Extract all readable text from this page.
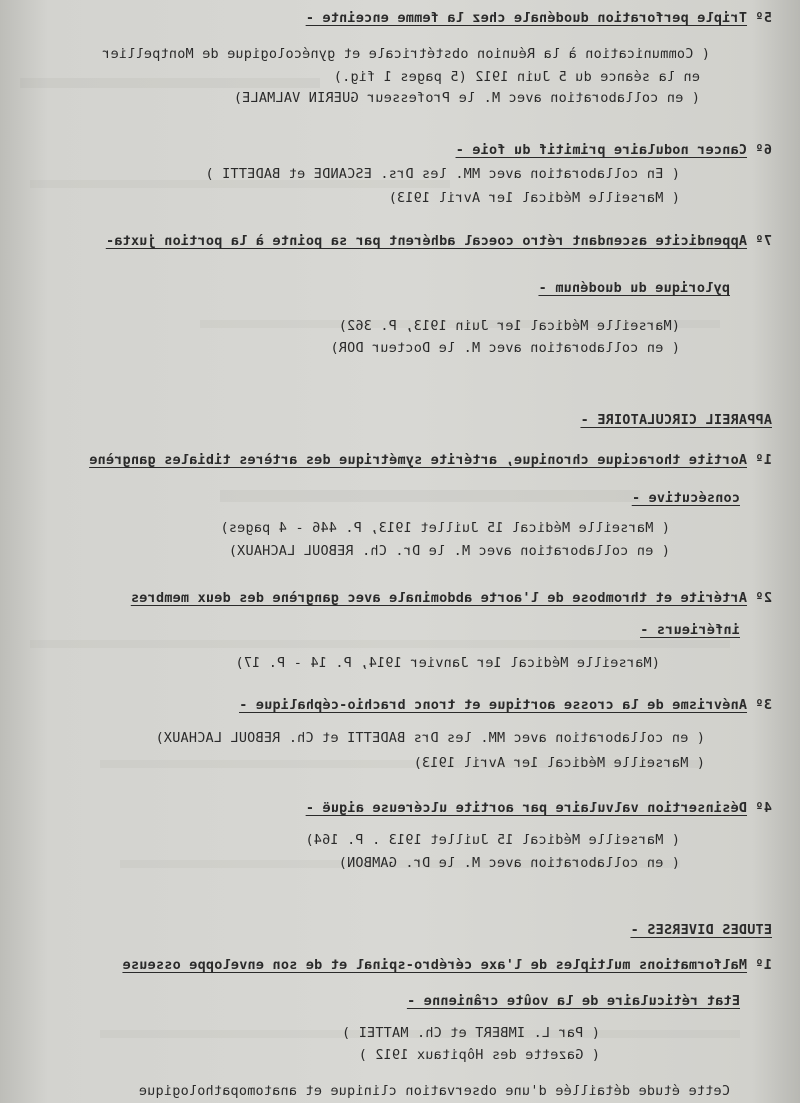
5º Triple perforation duodénale chez la femme enceinte -
( Communication à la Réunion obstétricale et gynécologique de Montpellier
en la séance du 5 Juin 1912 (5 pages 1 fig.)
( en collaboration avec M. le Professeur GUERIN VALMALE)
6º Cancer nodulaire primitif du foie -
( En collaboration avec MM. les Drs. ESCANDE et BADETTI )
( Marseille Médical 1er Avril 1913)
7º Appendicite ascendant rétro coecal adhérent par sa pointe à la portion juxta-
pylorique du duodénum -
(Marseille Médical 1er Juin 1913, P. 362)
( en collaboration avec M. le Docteur DOR)
APPAREIL CIRCULATOIRE -
1º Aortite thoracique chronique, artérite symétrique des artères tibiales gangrène
consécutive -
( Marseille Médical 15 Juillet 1913, P. 446 - 4 pages)
( en collaboration avec M. le Dr. Ch. REBOUL LACHAUX)
2º Artérite et thrombose de l'aorte abdominale avec gangrène des deux membres
inférieurs -
(Marseille Médical 1er Janvier 1914, P. 14 - P. 17)
3º Anévrisme de la crosse aortique et tronc brachio-céphalique -
( en collaboration avec MM. les Drs BADETTI et Ch. REBOUL LACHAUX)
( Marseille Médical 1er Avril 1913)
4º Désinsertion valvulaire par aortite ulcéreuse aiguë -
( Marseille Médical 15 Juillet 1913 . P. 164)
( en collaboration avec M. le Dr. GAMBON)
ETUDES DIVERSES -
1º Malformations multiples de l'axe cérébro-spinal et de son enveloppe osseuse
Etat réticulaire de la voûte crânienne -
( Par L. IMBERT et Ch. MATTEI )
( Gazette des Hôpitaux 1912 )
Cette étude détaillée d'une observation clinique et anatomopathologique
